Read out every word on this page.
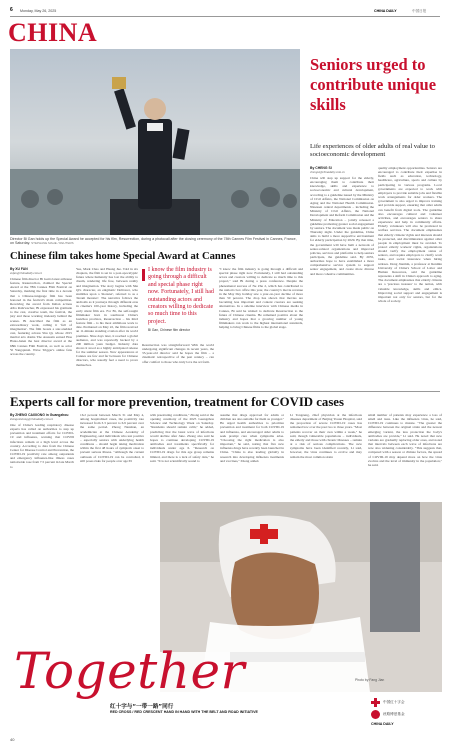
6 Monday, May 26, 2025	CHINA DAILY	中国日报
CHINA
Director Bi Gan holds up the Special Award he accepted for his film, Resurrection, during a photocall after the closing ceremony of the 78th Cannes Film Festival in Cannes, France, on Saturday. STEPHANE MAHE / REUTERS
Chinese film takes home Special Award at Cannes
By XU FAN
xufan@chinadaily.com.cn
Chinese film director Bi Gan's latest arthouse feature, Resurrection, claimed the Special Award at the 78th Cannes Film Festival on Saturday, marking the first time in a decade that a Chinese-language film has been honored in the festival's main competition. Receiving the award from Italian actress Alba Rohrwacher, Bi expressed his gratitude to the cast, creative team, the festival, the jury and those working tirelessly behind the scenes. Bi described the film as an extraordinary work, calling it 'full of imagination'. The film boasts a star-studded cast, featuring actress Shu Qi, whose 2015 martial arts drama The Assassin earned Hou Hsiao-hsien the best director award at the 68th Cannes Film Festival, as well as actor Yi Yangqianxi. Wave Trigger's online fans across the country.
Yee, Mark Chao and Huang Jue. Told in six chapters, the film is set in a post-apocalyptic future where humanity has lost the ability to dream, rendering life free, between reality and imagination. The story begins with Shu Qi's character, an enigmatic Deliverer, who stumbles upon a 'monster', referred to as a 'dream monster'. The narrative follows the androids as it journeys through different eras in cinema's 100-year history, including the early silent film era. For Bi, the self-taught filmmaker born in southwest China's Guizhou province, Resurrection – his third feature film – is his most ambitious work to date. Premiered on May 22, the film received an 11-minute standing ovation after its world premiere. Nine days later, it reached a global audience, and was reportedly backed by a 200 million yuan budget. Industry data shows it stood as a highly anticipated release for the summer season. New appearances at Cannes are few and far between for Chinese directors, who usually feel a need to prove themselves.
I know the film industry is going through a difficult and special phase right now. Fortunately, I still had outstanding actors and creators willing to dedicate so much time to this project.
Bi Gan, Chinese film director
Resurrection was straightforward With the world undergoing significant changes in recent years, the 35-year-old director said he hopes the film – a cinematic retrospective of the past century – can offer comfort to those who truly love the art form.
"I know the film industry is going through a difficult and special phase right now. Fortunately, I still had outstanding actors and creators willing to dedicate so much time to this project," said Bi during a press conference. Despite the phenomenal success of Ne Zha 2, which has contributed to the nation's box office this year, the country's movie revenue in the May Day holiday saw a year-on-year decline of more than 50 percent. The drop has shown that movies are becoming less important and content creators are seeking alternatives. In a sideline interview with Chinese media in Cannes, Bi said he wished to dedicate Resurrection to the future of Chinese cinema. He remained positive about the industry and hopes that a growing number of young filmmakers can work to the highest international standards, helping to bring Chinese films to the global stage.
Seniors urged to contribute unique skills
Life experiences of older adults of real value to socioeconomic development
By CHENG SI
chengsi@chinadaily.com.cn
China will step up support for the elderly, encouraging them to contribute their knowledge, skills and experience to socioeconomic and cultural development, according to a guideline issued by the Ministry of Civil Affairs, the National Commission on Aging and the National Health Commission. Nineteen central departments – including the Ministry of Civil Affairs, the National Development and Reform Commission and the Ministry of Education – jointly released a guideline promoting greater social engagement by seniors. The document was made public on Thursday night. Under the guideline, China aims to build a more supportive environment for elderly participation by 2029. By that time, the government will have built a network of senior-related organizations and improved policies, services and platforms to help seniors participate, the guideline said. By 2035, authorities hope to have established a more comprehensive service system to support senior engagement, and create more diverse and more cohesive communities.
quality employment opportunities. Seniors are encouraged to contribute their expertise in fields such as education, technology, healthcare, agriculture, sports and culture by participating in various programs. Local governments are expected to work with employers to provide suitable jobs and flexible work arrangements for older workers. The government is also urged to improve training and provide support, ensuring that older adults can benefit from digital tools. The guideline also encourages cultural and volunteer activities, and encourages seniors to share experience and help in community affairs. Elderly volunteers will also be promoted in welfare services. The document emphasizes that elderly citizens' rights and interests should be protected, and discrimination against older people in employment must be avoided. To protect elderly workers' rights, organizations should verify the employment status of seniors, and require employers to clarify work tasks, and social insurance when hiring retirees. Dong Jianmin, a professor at Renmin University of China's School of Labor and Human Resources, said the guideline represents a shift in China's approach to aging. The document emphasizes that elderly citizens are a 'precious treasure' to the nation, with valuable knowledge, skills and ethics. Improving social support and engagement is important not only for seniors, but for the whole of society.
Experts call for more prevention, treatment for COVID cases
By ZHENG CAIXIONG in Guangzhou
zhengcaixiong@chinadaily.com.cn
One of China's leading respiratory disease experts has called on authorities to step up prevention and treatment efforts for COVID-19 and influenza, warning that COVID infections remain at a high level across the country. According to data from the Chinese Center for Disease Control and Prevention, the COVID-19 positivity rate among outpatients and emergency influenza-like illness cases nationwide rose from 7.5 percent in late March to
16.2 percent between March 31 and May 4, among hospitalized cases, the positivity rate increased from 3.3 percent to 6.9 percent over the same period. Zhong Nanshan, an academician at the Chinese Academy of Engineering, said individuals who test positive – especially seniors with underlying health conditions – should begin taking medication within the first 48 hours of symptom onset to prevent serious illness. "Although the current outbreak of COVID-19 can be controlled, it still poses risks for people over age 65
with preexisting conditions," Zhong said at the opening ceremony of the 2025 Guangzhou Science and Technology Week on Saturday. "Residents should remain calm," he added, predicting that the latest wave of infections would decline after June. Zhong also said he hopes to continue developing COVID-19 antibodies and treatments specifically for individuals under age 6. "Research on COVID-19 drugs for this age group remains limited, and there is a lack of safety data," he said. "It is not scientifically sound to
assume that drugs approved for adults or children are also suitable for them as younger." He urged health authorities to prioritize prevention and treatment for both COVID-19 and influenza, and encouraged older adults to seek prompt care when symptoms arise. "Choosing the right medication is also important," he said, noting that five new influenza drugs have recently been launched in China. "China is also leading globally in research into developing influenza treatments and vaccines," Zhong added.
Li Tongzeng, chief physician at the infectious diseases department of Beijing Youan Hospital, said the proportion of severe COVID-19 cases has remained low over the past two to three years. "Most patients recover on their own within a week," he said, though vulnerable populations – individuals, the elderly and those with chronic illnesses – remain at a risk of serious complications. The new symptoms have been identified recently, Li said, however, the virus continues to evolve and may remain the most common strain
small number of patients may experience a loss of smell and taste. Like the influenza virus, he said, COVID-19 continues to mutate. "The greater the difference between the original strain and the newest emerging variant, the less protection the body's antibodies are provide," Li said. He noted that new variants are gradually replacing older ones, and noted that intervals between each wave of infections are now also widening considerably. "This suggests that, compared with a season or climate factors, the spread of COVID-19 may depend more on how the virus evolves and the level of immunity in the population," he said.
Together	Photo by Fang Jian
红十字与“一带一路”同行
RED CROSS / RED CRESCENT HAND IN HAND WITH THE BELT AND ROAD INITIATIVE
中国红十字会
丝路博爱基金
CHINA DAILY
40
